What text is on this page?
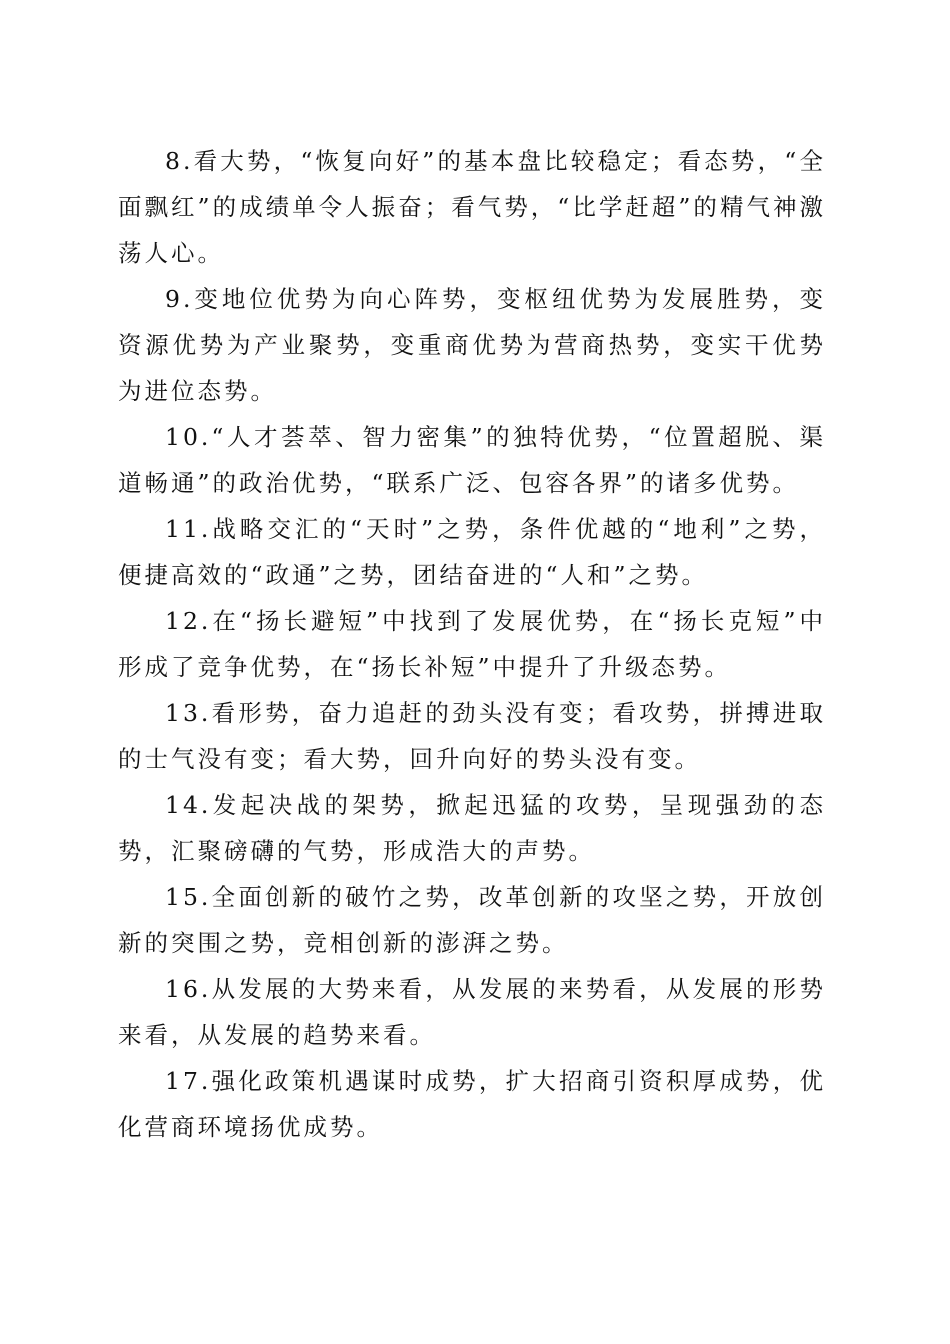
8.看大势，“恢复向好”的基本盘比较稳定；看态势，“全面飘红”的成绩单令人振奋；看气势，“比学赶超”的精气神激荡人心。

9.变地位优势为向心阵势，变枢纽优势为发展胜势，变资源优势为产业聚势，变重商优势为营商热势，变实干优势为进位态势。

10.“人才荟萃、智力密集”的独特优势，“位置超脱、渠道畅通”的政治优势，“联系广泛、包容各界”的诸多优势。

11.战略交汇的“天时”之势，条件优越的“地利”之势，便捷高效的“政通”之势，团结奋进的“人和”之势。

12.在“扬长避短”中找到了发展优势，在“扬长克短”中形成了竞争优势，在“扬长补短”中提升了升级态势。

13.看形势，奋力追赶的劲头没有变；看攻势，拼搏进取的士气没有变；看大势，回升向好的势头没有变。

14.发起决战的架势，掀起迅猛的攻势，呈现强劲的态势，汇聚磅礴的气势，形成浩大的声势。

15.全面创新的破竹之势，改革创新的攻坚之势，开放创新的突围之势，竞相创新的澎湃之势。

16.从发展的大势来看，从发展的来势看，从发展的形势来看，从发展的趋势来看。

17.强化政策机遇谋时成势，扩大招商引资积厚成势，优化营商环境扬优成势。
